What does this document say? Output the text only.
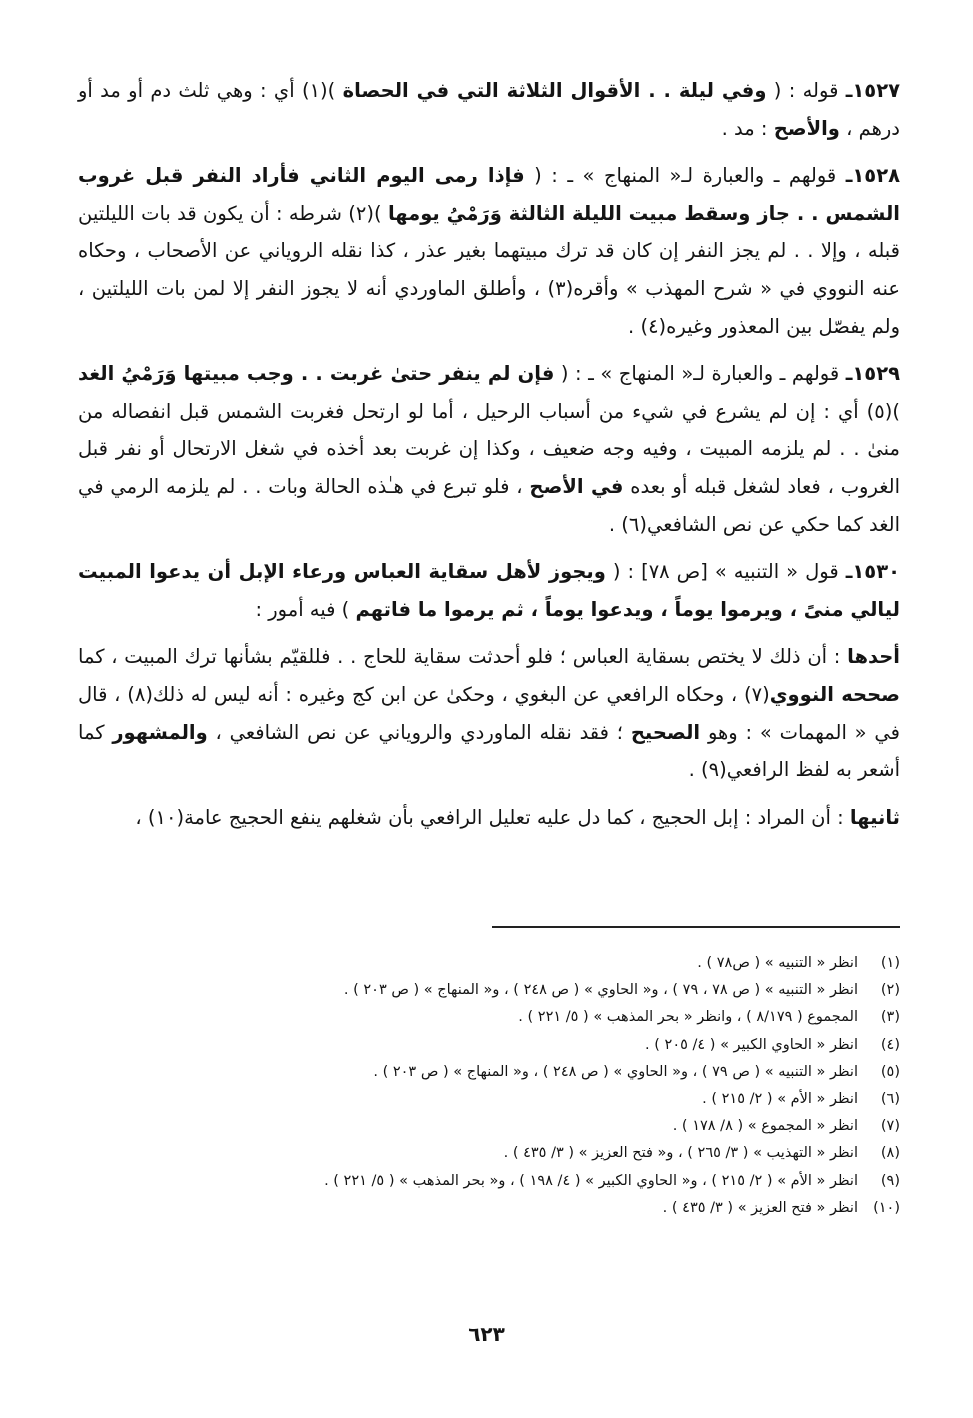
١٥٢٧ـ قوله : ( وفي ليلة . . الأقوال الثلاثة التي في الحصاة )(١) أي : وهي ثلث دم أو مد أو درهم ، والأصح : مد .

١٥٢٨ـ قولهم ـ والعبارة لـ« المنهاج » ـ : ( فإذا رمى اليوم الثاني فأراد النفر قبل غروب الشمس . . جاز وسقط مبيت الليلة الثالثة وَرَمْيُ يومها )(٢) شرطه : أن يكون قد بات الليلتين قبله ، وإلا . . لم يجز النفر إن كان قد ترك مبيتهما بغير عذر ، كذا نقله الروياني عن الأصحاب ، وحكاه عنه النووي في « شرح المهذب » وأقره(٣) ، وأطلق الماوردي أنه لا يجوز النفر إلا لمن بات الليلتين ، ولم يفصّل بين المعذور وغيره(٤) .

١٥٢٩ـ قولهم ـ والعبارة لـ« المنهاج » ـ : ( فإن لم ينفر حتىٰ غربت . . وجب مبيتها وَرَمْيُ الغد )(٥) أي : إن لم يشرع في شيء من أسباب الرحيل ، أما لو ارتحل فغربت الشمس قبل انفصاله من منىٰ . . لم يلزمه المبيت ، وفيه وجه ضعيف ، وكذا إن غربت بعد أخذه في شغل الارتحال أو نفر قبل الغروب ، فعاد لشغل قبله أو بعده في الأصح ، فلو تبرع في هـٰذه الحالة وبات . . لم يلزمه الرمي في الغد كما حكي عن نص الشافعي(٦) .

١٥٣٠ـ قول « التنبيه » [ص ٧٨] : ( ويجوز لأهل سقاية العباس ورعاء الإبل أن يدعوا المبيت ليالي منىً ، ويرموا يوماً ، ويدعوا يوماً ، ثم يرموا ما فاتهم ) فيه أمور :

أحدها : أن ذلك لا يختص بسقاية العباس ؛ فلو أحدثت سقاية للحاج . . فللقيّم بشأنها ترك المبيت ، كما صححه النووي(٧) ، وحكاه الرافعي عن البغوي ، وحكىٰ عن ابن كج وغيره : أنه ليس له ذلك(٨) ، قال في « المهمات » : وهو الصحيح ؛ فقد نقله الماوردي والروياني عن نص الشافعي ، والمشهور كما أشعر به لفظ الرافعي(٩) .

ثانيها : أن المراد : إبل الحجيج ، كما دل عليه تعليل الرافعي بأن شغلهم ينفع الحجيج عامة(١٠) ،

(١)انظر « التنبيه » ( ص٧٨ ) .
(٢)انظر « التنبيه » ( ص ٧٨ ، ٧٩ ) ، و« الحاوي » ( ص ٢٤٨ ) ، و« المنهاج » ( ص ٢٠٣ ) .
(٣)المجموع ( ٨/١٧٩ ) ، وانظر « بحر المذهب » ( ٥/ ٢٢١ ) .
(٤)انظر « الحاوي الكبير » ( ٤/ ٢٠٥ ) .
(٥)انظر « التنبيه » ( ص ٧٩ ) ، و« الحاوي » ( ص ٢٤٨ ) ، و« المنهاج » ( ص ٢٠٣ ) .
(٦)انظر « الأم » ( ٢/ ٢١٥ ) .
(٧)انظر « المجموع » ( ٨/ ١٧٨ ) .
(٨)انظر « التهذيب » ( ٣/ ٢٦٥ ) ، و« فتح العزيز » ( ٣/ ٤٣٥ ) .
(٩)انظر « الأم » ( ٢/ ٢١٥ ) ، و« الحاوي الكبير » ( ٤/ ١٩٨ ) ، و« بحر المذهب » ( ٥/ ٢٢١ ) .
(١٠)انظر « فتح العزيز » ( ٣/ ٤٣٥ ) .
٦٢٣
